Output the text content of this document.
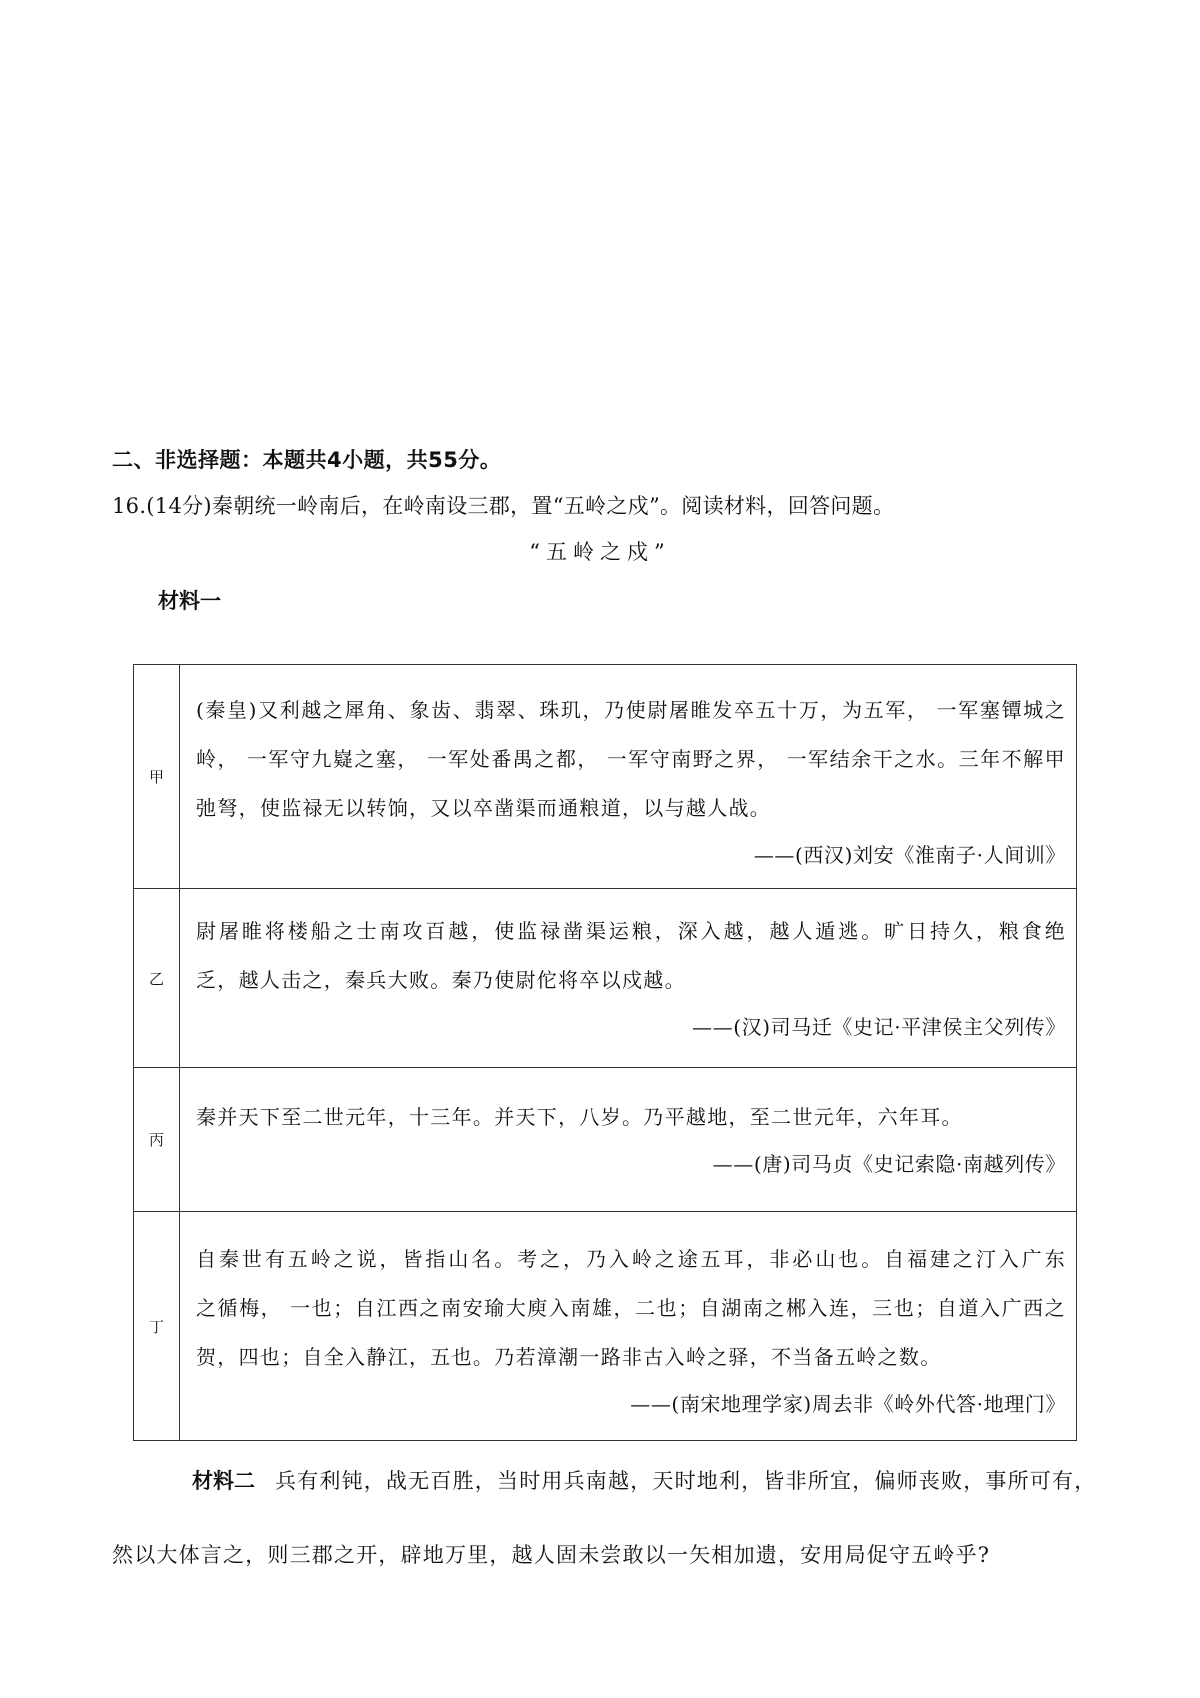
二、非选择题：本题共4小题，共55分。
16.(14分)秦朝统一岭南后，在岭南设三郡，置“五岭之戍”。阅读材料，回答问题。
“五岭之戍”
材料一
甲	(秦皇)又利越之犀角、象齿、翡翠、珠玑，乃使尉屠睢发卒五十万，为五军， 一军塞镡城之

岭， 一军守九嶷之塞， 一军处番禺之都， 一军守南野之界， 一军结余干之水。三年不解甲

弛弩，使监禄无以转饷，又以卒凿渠而通粮道，以与越人战。

——(西汉)刘安《淮南子·人间训》

乙	尉屠睢将楼船之士南攻百越，使监禄凿渠运粮，深入越，越人遁逃。旷日持久，粮食绝

乏，越人击之，秦兵大败。秦乃使尉佗将卒以戍越。

——(汉)司马迁《史记·平津侯主父列传》

丙	秦并天下至二世元年，十三年。并天下，八岁。乃平越地，至二世元年，六年耳。

——(唐)司马贞《史记索隐·南越列传》

丁	自秦世有五岭之说，皆指山名。考之，乃入岭之途五耳，非必山也。自福建之汀入广东

之循梅， 一也；自江西之南安瑜大庾入南雄，二也；自湖南之郴入连，三也；自道入广西之

贺，四也；自全入静江，五也。乃若漳潮一路非古入岭之驿，不当备五岭之数。

——(南宋地理学家)周去非《岭外代答·地理门》

材料二 兵有利钝，战无百胜，当时用兵南越，天时地利，皆非所宜，偏师丧败，事所可有，
然以大体言之，则三郡之开，辟地万里，越人固未尝敢以一矢相加遗，安用局促守五岭乎?
